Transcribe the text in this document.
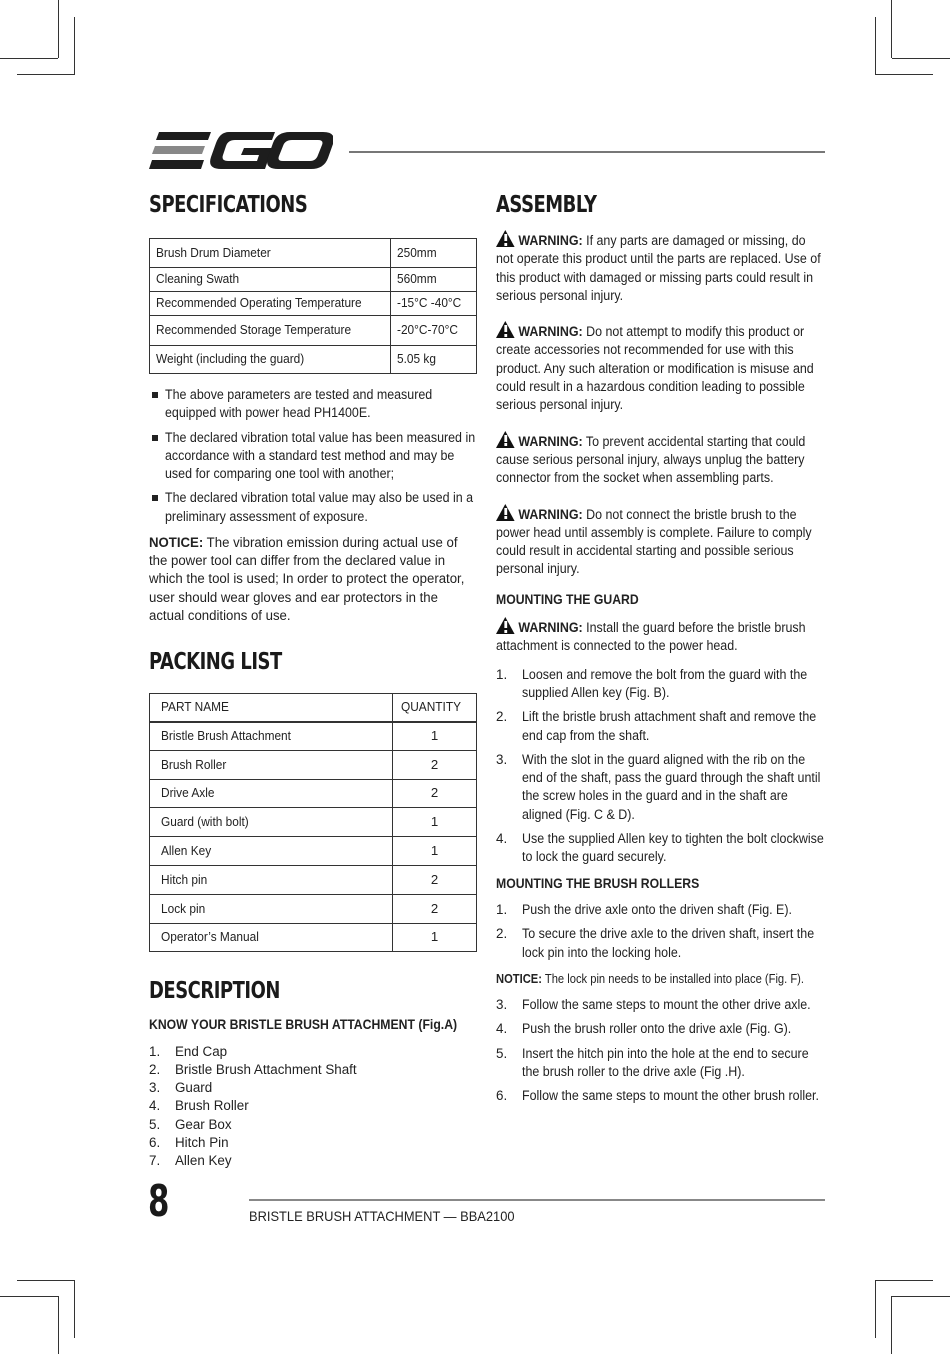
SPECIFICATIONS
Brush Drum Diameter	250mm
Cleaning Swath	560mm
Recommended Operating Temperature	-15°C -40°C
Recommended Storage Temperature	-20°C-70°C
Weight (including the guard)	5.05 kg
The above parameters are tested and measured equipped with power head PH1400E.
The declared vibration total value has been measured in accordance with a standard test method and may be used for comparing one tool with another;
The declared vibration total value may also be used in a preliminary assessment of exposure.
NOTICE: The vibration emission during actual use of the power tool can differ from the declared value in which the tool is used; In order to protect the operator, user should wear gloves and ear protectors in the actual conditions of use.
PACKING LIST
PART NAME	QUANTITY
Bristle Brush Attachment	1
Brush Roller	2
Drive Axle	2
Guard (with bolt)	1
Allen Key	1
Hitch pin	2
Lock pin	2
Operator’s Manual	1
DESCRIPTION
KNOW YOUR BRISTLE BRUSH ATTACHMENT (Fig.A)
1. End Cap
2. Bristle Brush Attachment Shaft
3. Guard
4. Brush Roller
5. Gear Box
6. Hitch Pin
7. Allen Key
ASSEMBLY
WARNING: If any parts are damaged or missing, do not operate this product until the parts are replaced. Use of this product with damaged or missing parts could result in serious personal injury.
WARNING: Do not attempt to modify this product or create accessories not recommended for use with this product. Any such alteration or modification is misuse and could result in a hazardous condition leading to possible serious personal injury.
WARNING: To prevent accidental starting that could cause serious personal injury, always unplug the battery connector from the socket when assembling parts.
WARNING: Do not connect the bristle brush to the power head until assembly is complete. Failure to comply could result in accidental starting and possible serious personal injury.
MOUNTING THE GUARD
WARNING: Install the guard before the bristle brush attachment is connected to the power head.
1. Loosen and remove the bolt from the guard with the supplied Allen key (Fig. B).
2. Lift the bristle brush attachment shaft and remove the end cap from the shaft.
3. With the slot in the guard aligned with the rib on the end of the shaft, pass the guard through the shaft until the screw holes in the guard and in the shaft are aligned (Fig. C & D).
4. Use the supplied Allen key to tighten the bolt clockwise to lock the guard securely.
MOUNTING THE BRUSH ROLLERS
1. Push the drive axle onto the driven shaft (Fig. E).
2. To secure the drive axle to the driven shaft, insert the lock pin into the locking hole.
NOTICE: The lock pin needs to be installed into place (Fig. F).
3. Follow the same steps to mount the other drive axle.
4. Push the brush roller onto the drive axle (Fig. G).
5. Insert the hitch pin into the hole at the end to secure the brush roller to the drive axle (Fig .H).
6. Follow the same steps to mount the other brush roller.
8	BRISTLE BRUSH ATTACHMENT — BBA2100
